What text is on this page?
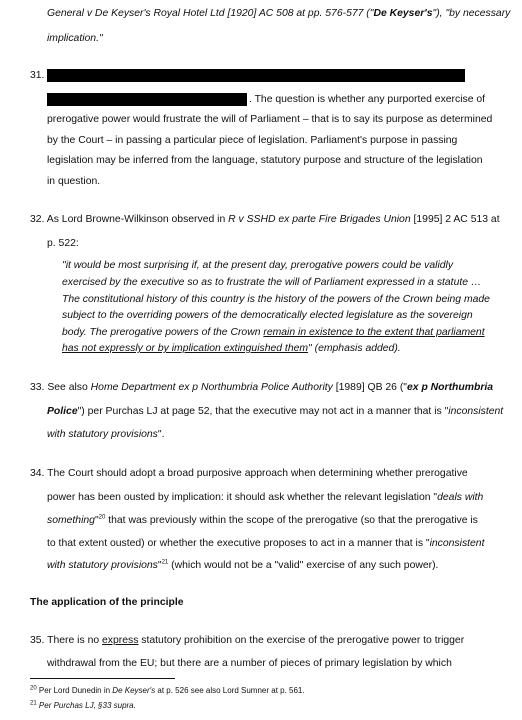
General v De Keyser's Royal Hotel Ltd [1920] AC 508 at pp. 576-577 ("De Keyser's"), "by necessary
implication."
31.
. The question is whether any purported exercise of
prerogative power would frustrate the will of Parliament – that is to say its purpose as determined
by the Court – in passing a particular piece of legislation. Parliament's purpose in passing
legislation may be inferred from the language, statutory purpose and structure of the legislation
in question.
32. As Lord Browne-Wilkinson observed in R v SSHD ex parte Fire Brigades Union [1995] 2 AC 513 at
p. 522:
"it would be most surprising if, at the present day, prerogative powers could be validly
exercised by the executive so as to frustrate the will of Parliament expressed in a statute …
The constitutional history of this country is the history of the powers of the Crown being made
subject to the overriding powers of the democratically elected legislature as the sovereign
body. The prerogative powers of the Crown remain in existence to the extent that parliament
has not expressly or by implication extinguished them" (emphasis added).
33. See also Home Department ex p Northumbria Police Authority [1989] QB 26 ("ex p Northumbria
Police") per Purchas LJ at page 52, that the executive may not act in a manner that is "inconsistent
with statutory provisions".
34. The Court should adopt a broad purposive approach when determining whether prerogative
power has been ousted by implication: it should ask whether the relevant legislation "deals with
something"$^{20}$ that was previously within the scope of the prerogative (so that the prerogative is
to that extent ousted) or whether the executive proposes to act in a manner that is "inconsistent
with statutory provisions"$^{21}$ (which would not be a "valid" exercise of any such power).
The application of the principle
35. There is no express statutory prohibition on the exercise of the prerogative power to trigger
withdrawal from the EU; but there are a number of pieces of primary legislation by which
$^{20}$ Per Lord Dunedin in De Keyser's at p. 526 see also Lord Sumner at p. 561.
$^{21}$ Per Purchas LJ, §33 supra.
